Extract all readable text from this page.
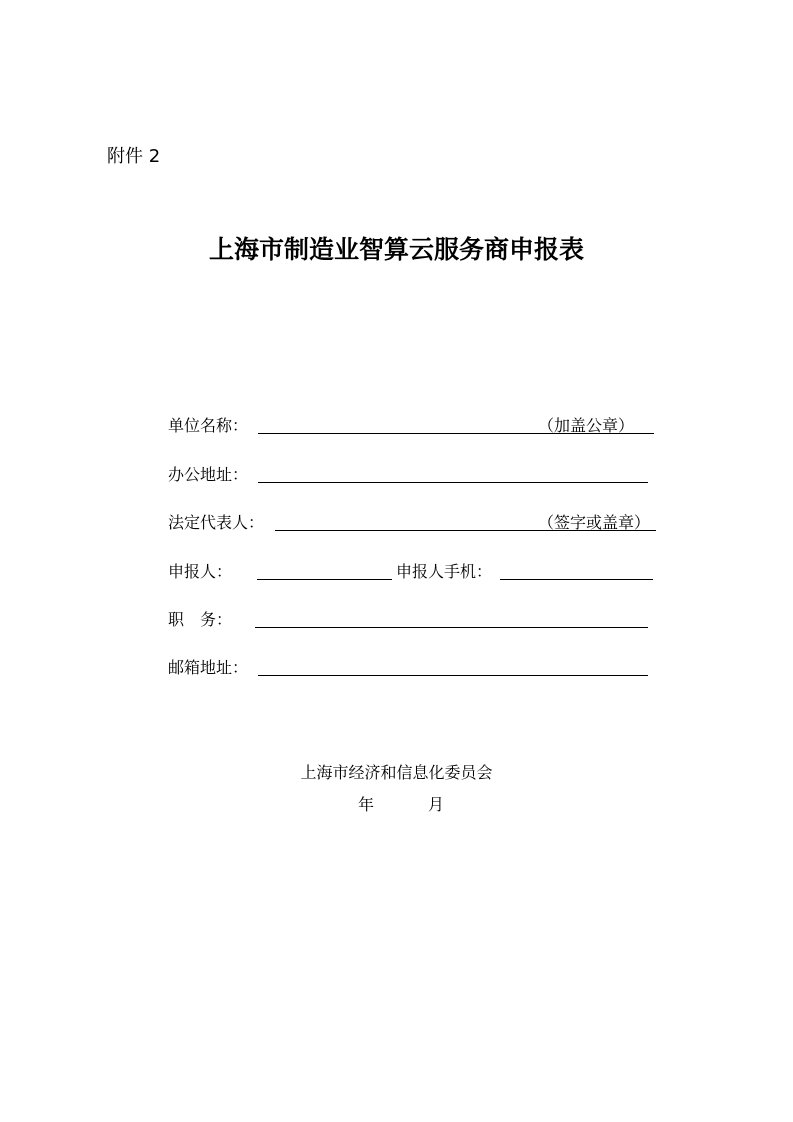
附件 2
上海市制造业智算云服务商申报表
单位名称：	（加盖公章）
办公地址：
法定代表人：	（签字或盖章）
申报人：	申报人手机：
职　务：
邮箱地址：
上海市经济和信息化委员会
年	月
